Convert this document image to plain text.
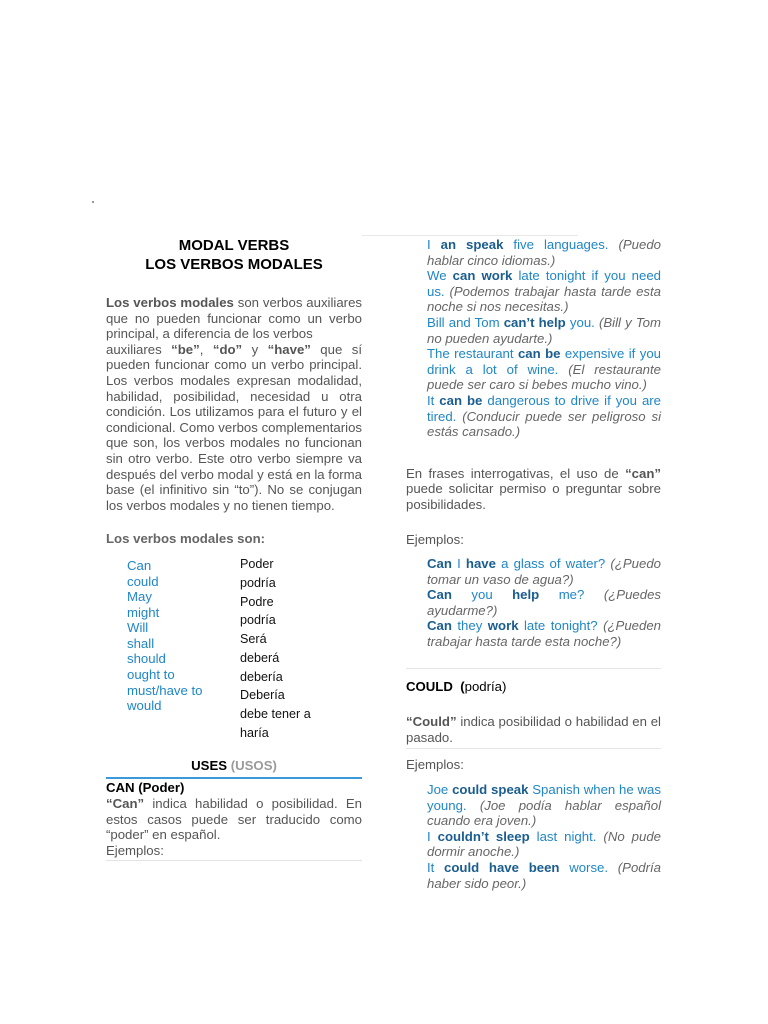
MODAL VERBS
LOS VERBOS MODALES

Los verbos modales son verbos auxiliares que no pueden funcionar como un verbo principal, a diferencia de los verbos
auxiliares “be”, “do” y “have” que sí pueden funcionar como un verbo principal. Los verbos modales expresan modalidad, habilidad, posibilidad, necesidad u otra condición. Los utilizamos para el futuro y el condicional. Como verbos complementarios que son, los verbos modales no funcionan sin otro verbo. Este otro verbo siempre va después del verbo modal y está en la forma base (el infinitivo sin “to”). No se conjugan los verbos modales y no tienen tiempo.

Los verbos modales son:
Can
could
May
might
Will
shall
should
ought to
must/have to
would
Poder
podría
Podre
podría
Será
deberá
debería
Debería
debe tener a
haría
USES (USOS)
CAN (Poder)

“Can” indica habilidad o posibilidad. En estos casos puede ser traducido como “poder” en español.

Ejemplos:

I an speak five languages. (Puedo hablar cinco idiomas.)

We can work late tonight if you need us. (Podemos trabajar hasta tarde esta noche si nos necesitas.)

Bill and Tom can’t help you. (Bill y Tom no pueden ayudarte.)

The restaurant can be expensive if you drink a lot of wine. (El restaurante puede ser caro si bebes mucho vino.)

It can be dangerous to drive if you are tired. (Conducir puede ser peligroso si estás cansado.)

En frases interrogativas, el uso de “can” puede solicitar permiso o preguntar sobre posibilidades.

Ejemplos:

Can I have a glass of water? (¿Puedo tomar un vaso de agua?)

Can you help me? (¿Puedes ayudarme?)

Can they work late tonight? (¿Pueden trabajar hasta tarde esta noche?)

COULD (podría)

“Could” indica posibilidad o habilidad en el pasado.

Ejemplos:

Joe could speak Spanish when he was young. (Joe podía hablar español cuando era joven.)

I couldn’t sleep last night. (No pude dormir anoche.)

It could have been worse. (Podría haber sido peor.)
